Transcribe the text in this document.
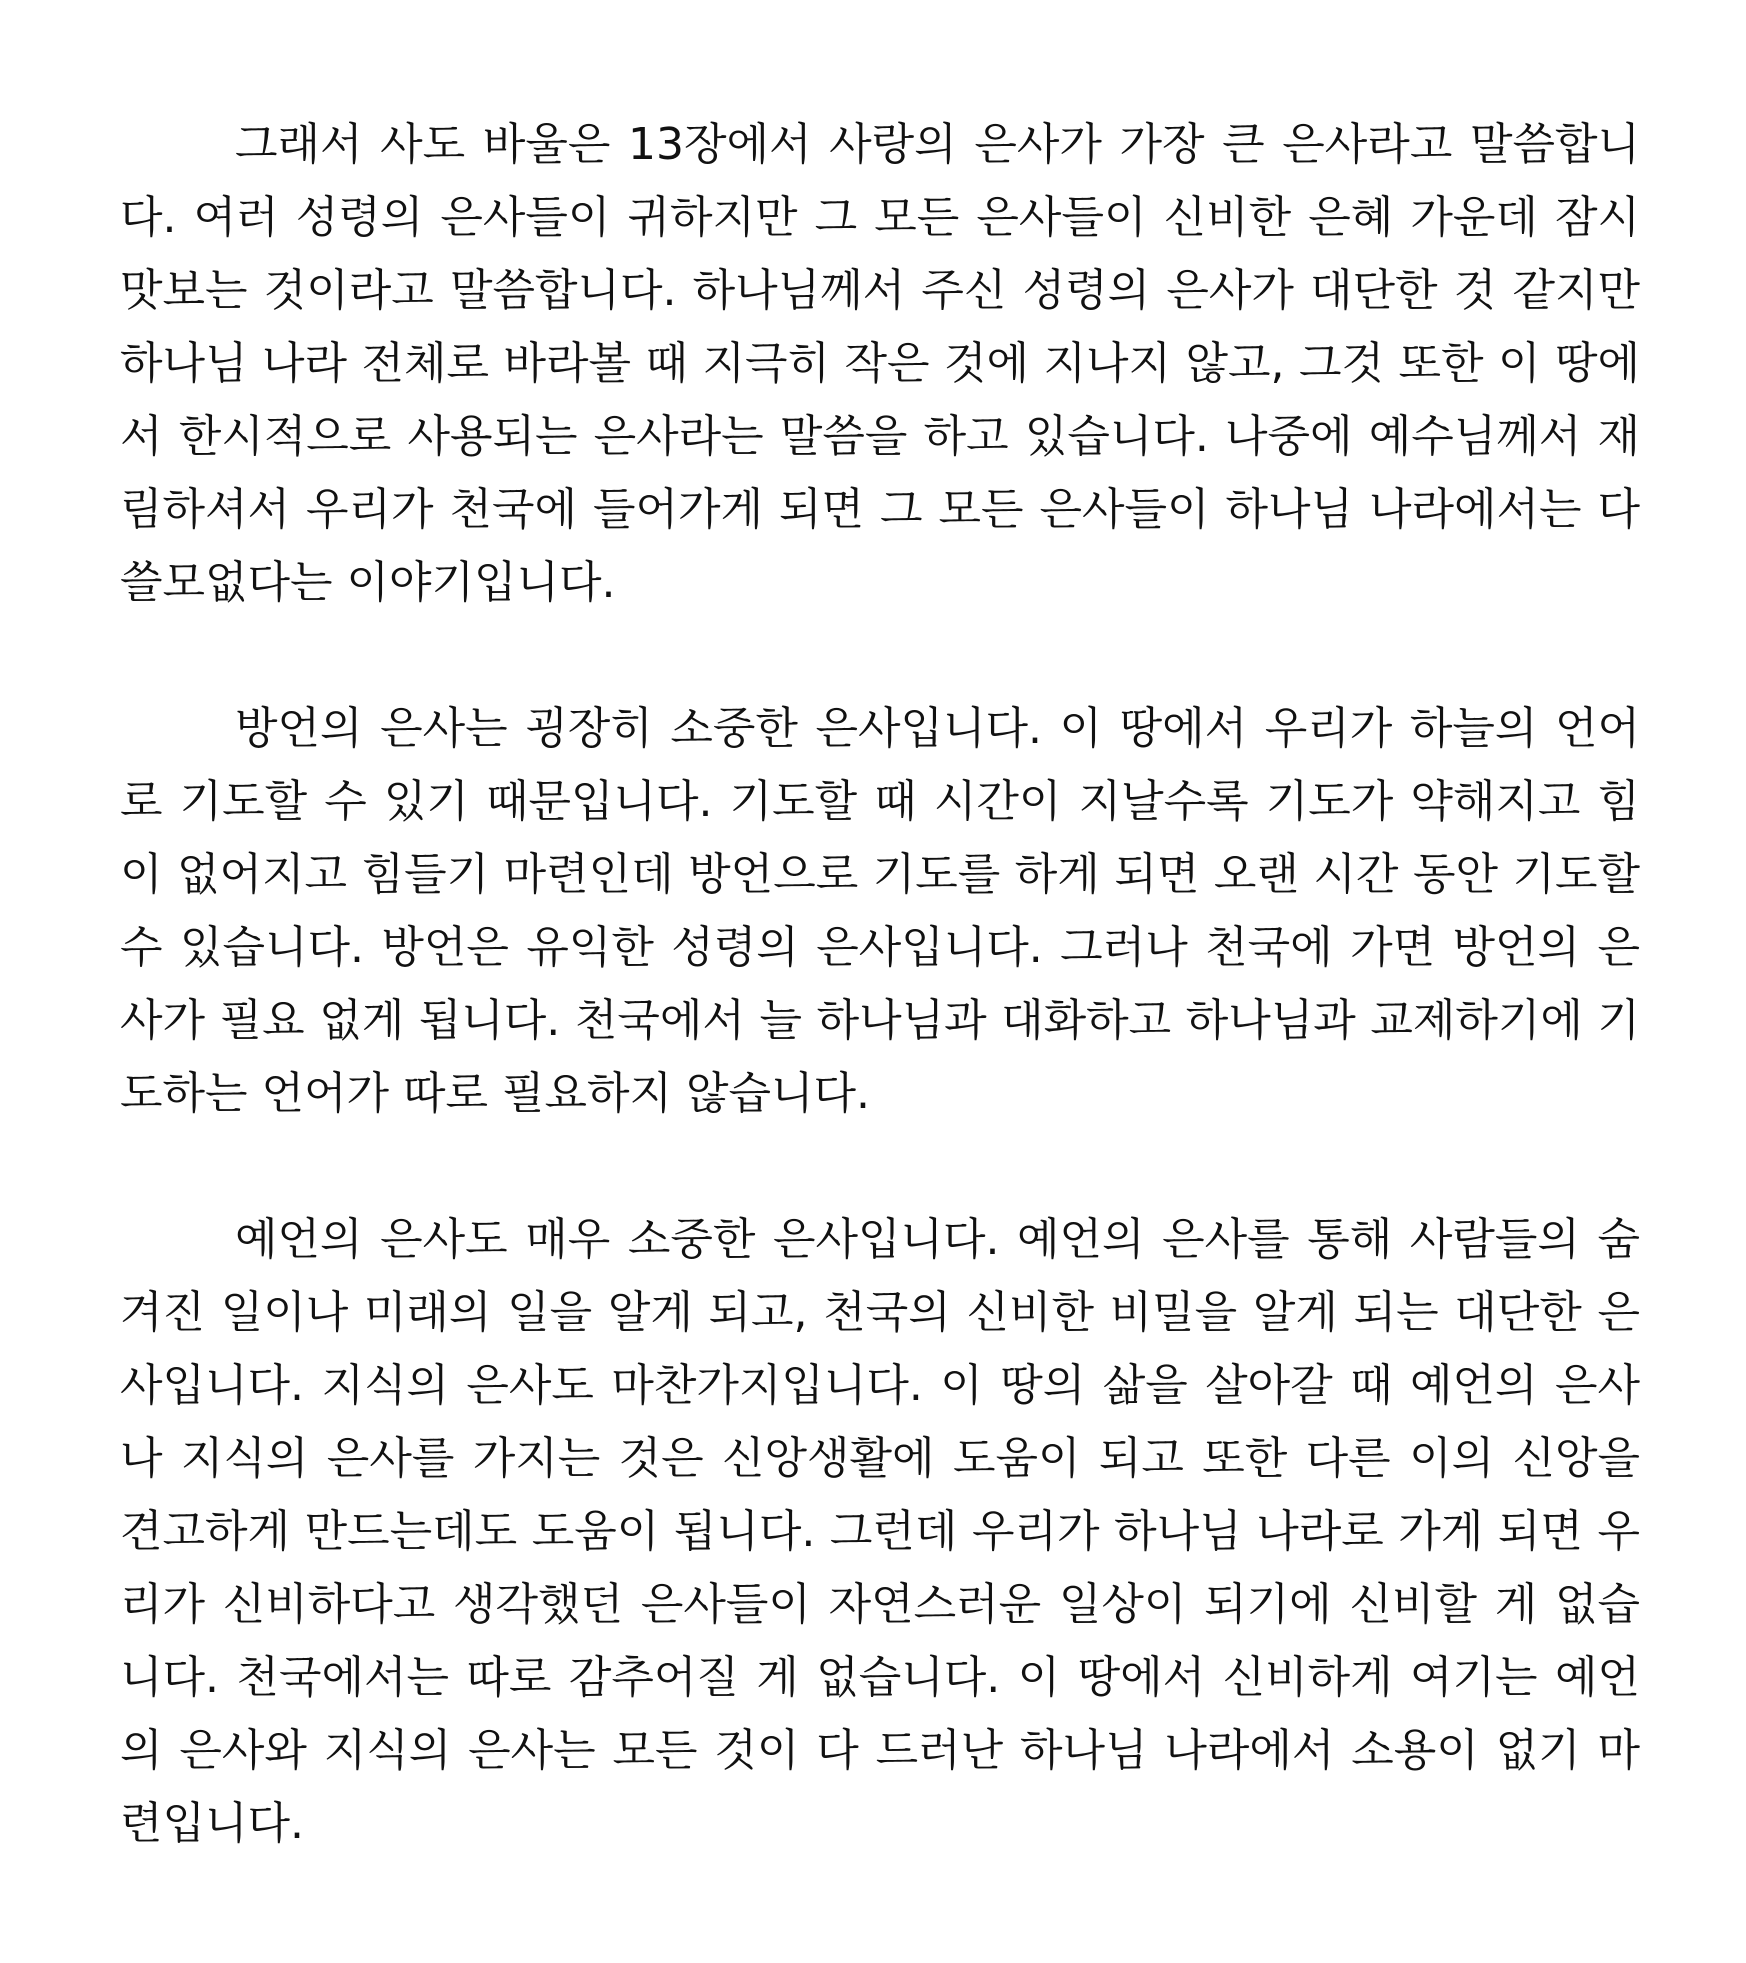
그래서 사도 바울은 13장에서 사랑의 은사가 가장 큰 은사라고 말씀합니다. 여러 성령의 은사들이 귀하지만 그 모든 은사들이 신비한 은혜 가운데 잠시 맛보는 것이라고 말씀합니다. 하나님께서 주신 성령의 은사가 대단한 것 같지만 하나님 나라 전체로 바라볼 때 지극히 작은 것에 지나지 않고, 그것 또한 이 땅에서 한시적으로 사용되는 은사라는 말씀을 하고 있습니다. 나중에 예수님께서 재림하셔서 우리가 천국에 들어가게 되면 그 모든 은사들이 하나님 나라에서는 다 쓸모없다는 이야기입니다.

방언의 은사는 굉장히 소중한 은사입니다. 이 땅에서 우리가 하늘의 언어로 기도할 수 있기 때문입니다. 기도할 때 시간이 지날수록 기도가 약해지고 힘이 없어지고 힘들기 마련인데 방언으로 기도를 하게 되면 오랜 시간 동안 기도할 수 있습니다. 방언은 유익한 성령의 은사입니다. 그러나 천국에 가면 방언의 은사가 필요 없게 됩니다. 천국에서 늘 하나님과 대화하고 하나님과 교제하기에 기도하는 언어가 따로 필요하지 않습니다.

예언의 은사도 매우 소중한 은사입니다. 예언의 은사를 통해 사람들의 숨겨진 일이나 미래의 일을 알게 되고, 천국의 신비한 비밀을 알게 되는 대단한 은사입니다. 지식의 은사도 마찬가지입니다. 이 땅의 삶을 살아갈 때 예언의 은사나 지식의 은사를 가지는 것은 신앙생활에 도움이 되고 또한 다른 이의 신앙을 견고하게 만드는데도 도움이 됩니다. 그런데 우리가 하나님 나라로 가게 되면 우리가 신비하다고 생각했던 은사들이 자연스러운 일상이 되기에 신비할 게 없습니다. 천국에서는 따로 감추어질 게 없습니다. 이 땅에서 신비하게 여기는 예언의 은사와 지식의 은사는 모든 것이 다 드러난 하나님 나라에서 소용이 없기 마련입니다.
